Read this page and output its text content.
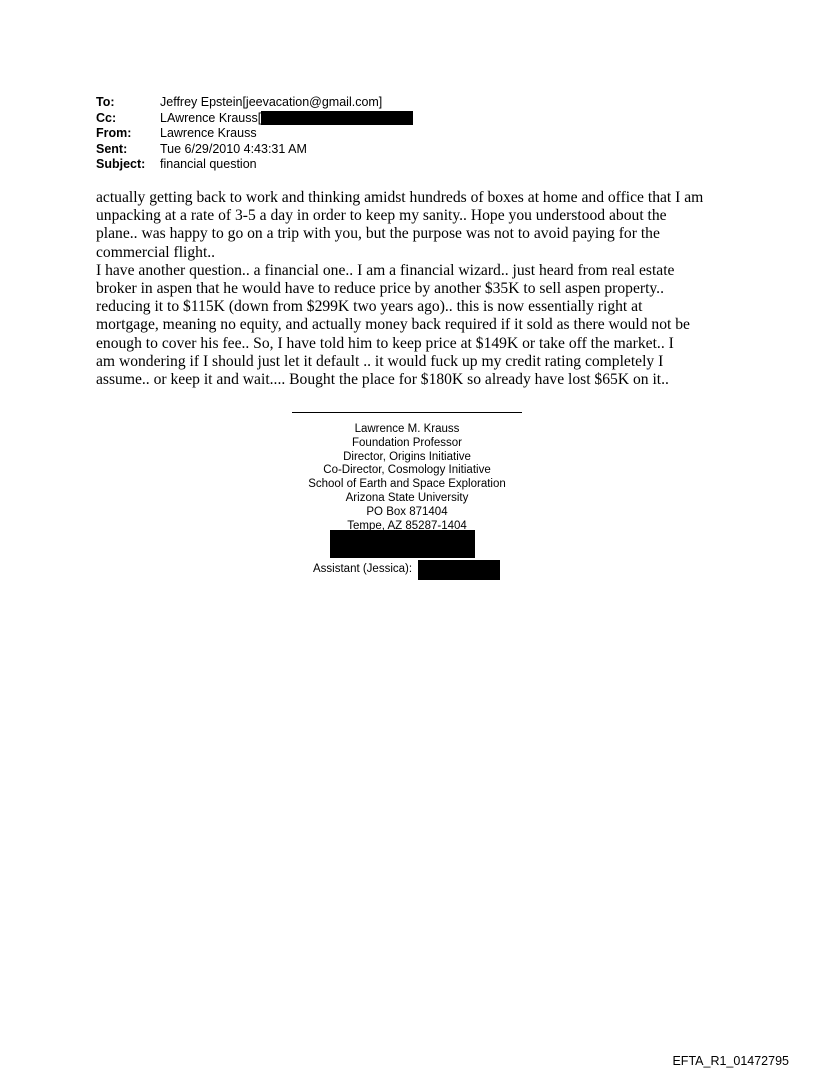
To:	Jeffrey Epstein[jeevacation@gmail.com]
Cc:	LAwrence Krauss[
From:	Lawrence Krauss
Sent:	Tue 6/29/2010 4:43:31 AM
Subject:	financial question

actually getting back to work and thinking amidst hundreds of boxes at home and office that I am

unpacking at a rate of 3-5 a day in order to keep my sanity.. Hope you understood about the

plane.. was happy to go on a trip with you, but the purpose was not to avoid paying for the

commercial flight..

I have another question.. a financial one.. I am a financial wizard.. just heard from real estate

broker in aspen that he would have to reduce price by another $35K to sell aspen property..

reducing it to $115K (down from $299K two years ago).. this is now essentially right at

mortgage, meaning no equity, and actually money back required if it sold as there would not be

enough to cover his fee.. So, I have told him to keep price at $149K or take off the market.. I

am wondering if I should just let it default .. it would fuck up my credit rating completely I

assume.. or keep it and wait.... Bought the place for $180K so already have lost $65K on it..

Lawrence M. Krauss
Foundation Professor
Director, Origins Initiative
Co-Director, Cosmology Initiative
School of Earth and Space Exploration
Arizona State University
PO Box 871404
Tempe, AZ 85287-1404
Assistant (Jessica):
EFTA_R1_01472795
